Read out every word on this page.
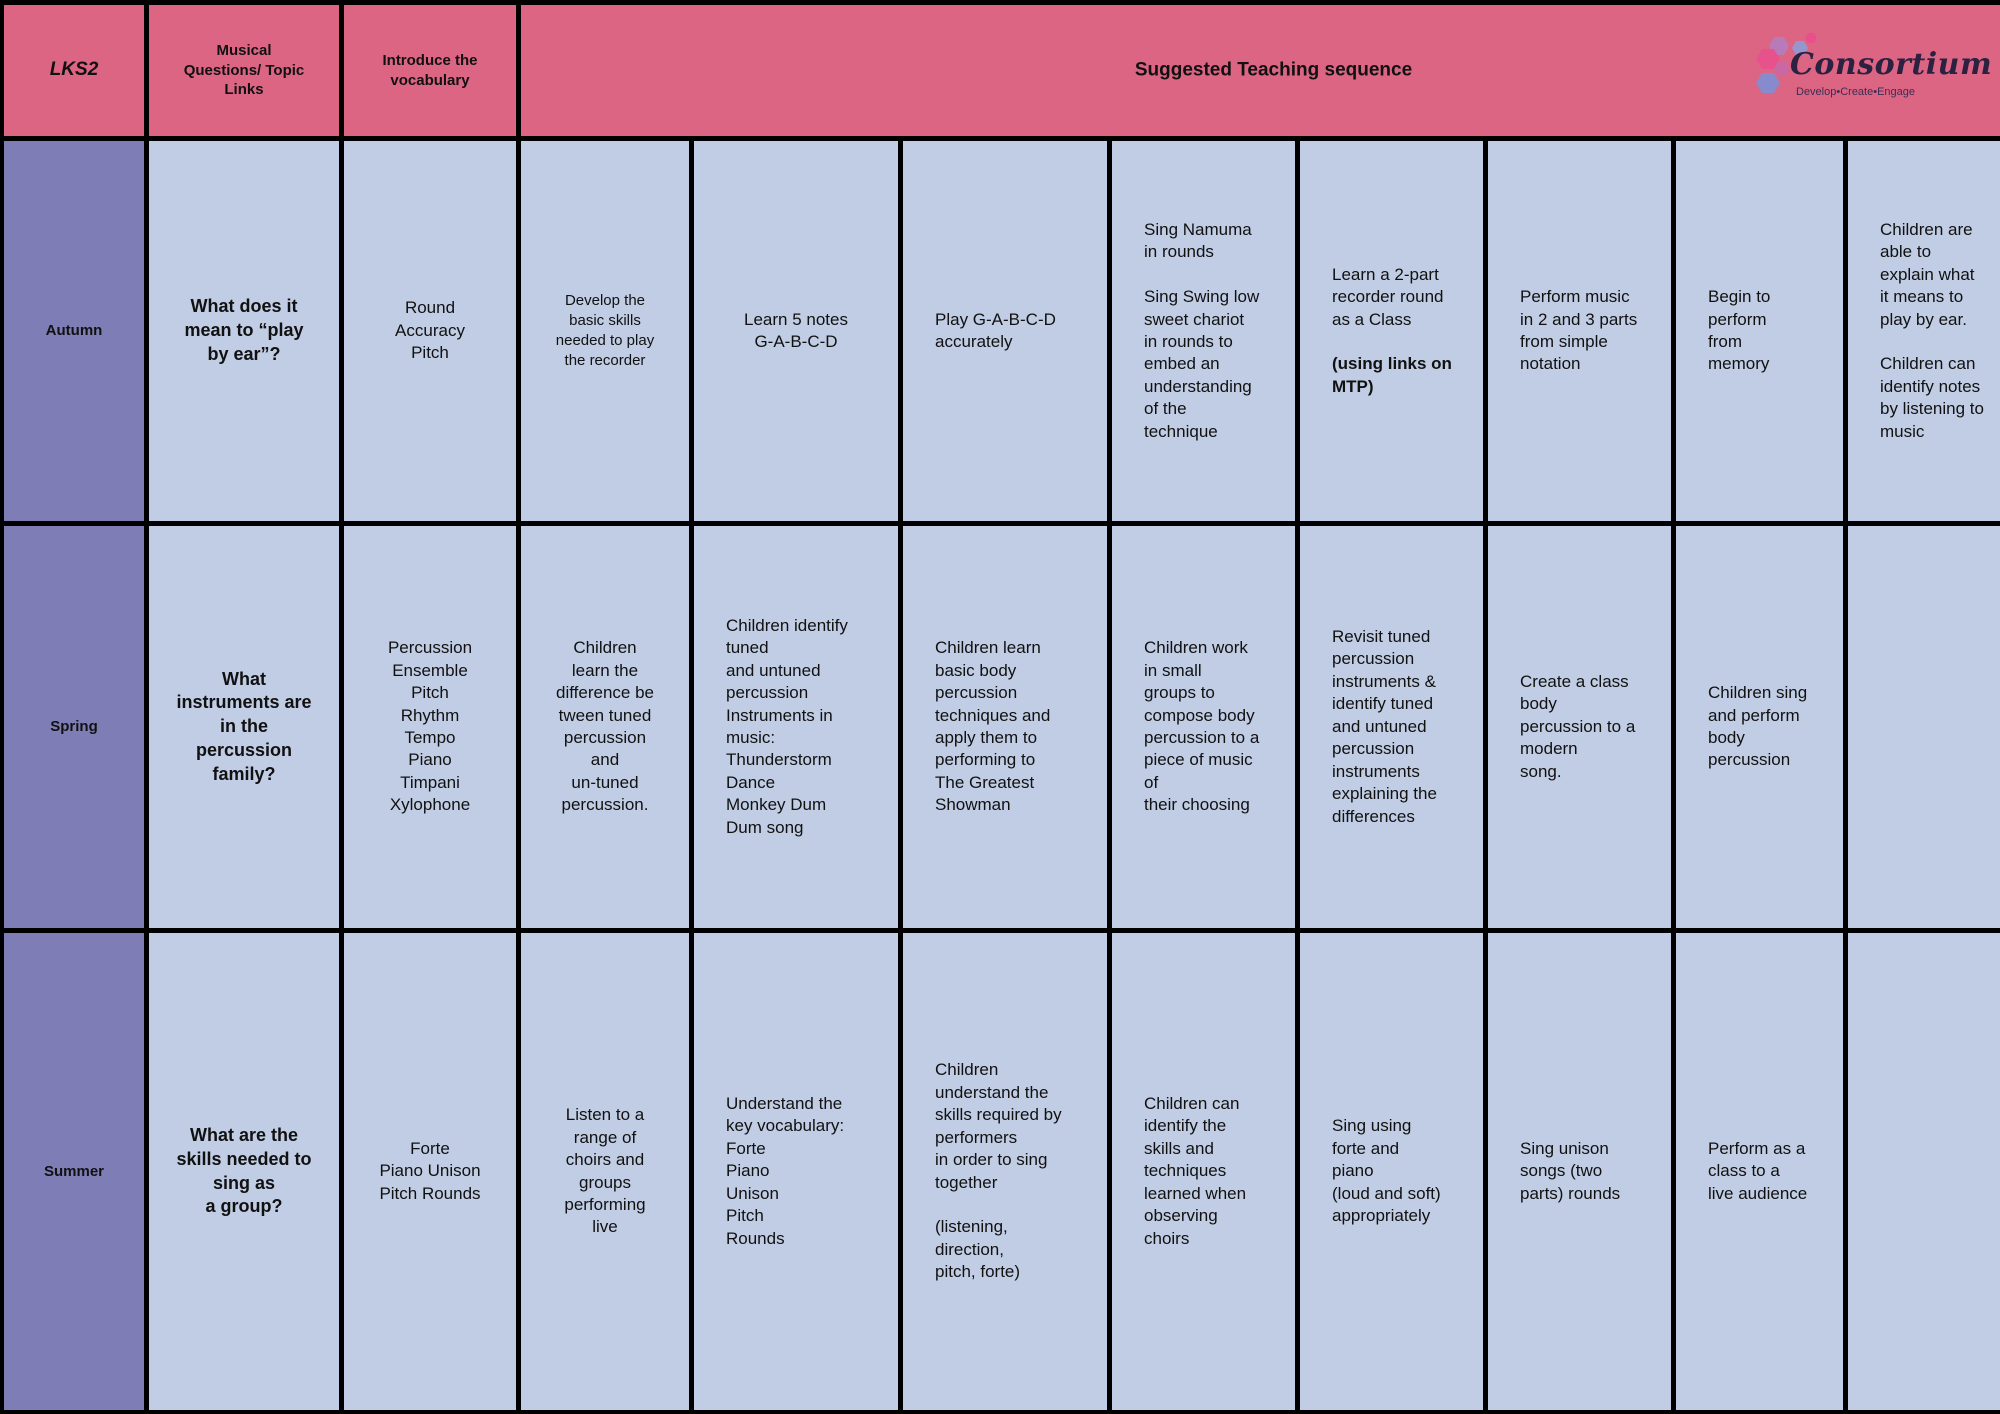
LKS2
Musical
Questions/ Topic
Links
Introduce the
vocabulary	Suggested Teaching sequence	Consortium

Develop•Create•Engage

Autumn
What does it
mean to “play
by ear”?
Round
Accuracy
Pitch
Develop the
basic skills
needed to play
the recorder
Learn 5 notes
G-A-B-C-D
Play G-A-B-C-D
accurately
Sing Namuma
in rounds

Sing Swing low
sweet chariot
in rounds to
embed an
understanding
of the
technique
Learn a 2-part
recorder round
as a Class
(using links on
MTP)
Perform music
in 2 and 3 parts
from simple
notation
Begin to
perform
from
memory
Children are
able to
explain what
it means to
play by ear.

Children can
identify notes
by listening to
music
Spring
What
instruments are
in the
percussion
family?
Percussion
Ensemble
Pitch
Rhythm
Tempo
Piano
Timpani
Xylophone
Children
learn the
difference be
tween tuned
percussion
and
un-tuned
percussion.
Children identify
tuned
and untuned
percussion
Instruments in
music:
Thunderstorm
Dance
Monkey Dum
Dum song
Children learn
basic body
percussion
techniques and
apply them to
performing to
The Greatest
Showman
Children work
in small
groups to
compose body
percussion to a
piece of music
of
their choosing
Revisit tuned
percussion
instruments &
identify tuned
and untuned
percussion
instruments
explaining the
differences
Create a class
body
percussion to a
modern
song.
Children sing
and perform
body
percussion
Summer
What are the
skills needed to
sing as
a group?
Forte
Piano Unison
Pitch Rounds
Listen to a
range of
choirs and
groups
performing
live
Understand the
key vocabulary:
Forte
Piano
Unison
Pitch
Rounds
Children
understand the
skills required by
performers
in order to sing
together

(listening,
direction,
pitch, forte)
Children can
identify the
skills and
techniques
learned when
observing
choirs
Sing using
forte and
piano
(loud and soft)
appropriately
Sing unison
songs (two
parts) rounds
Perform as a
class to a
live audience
